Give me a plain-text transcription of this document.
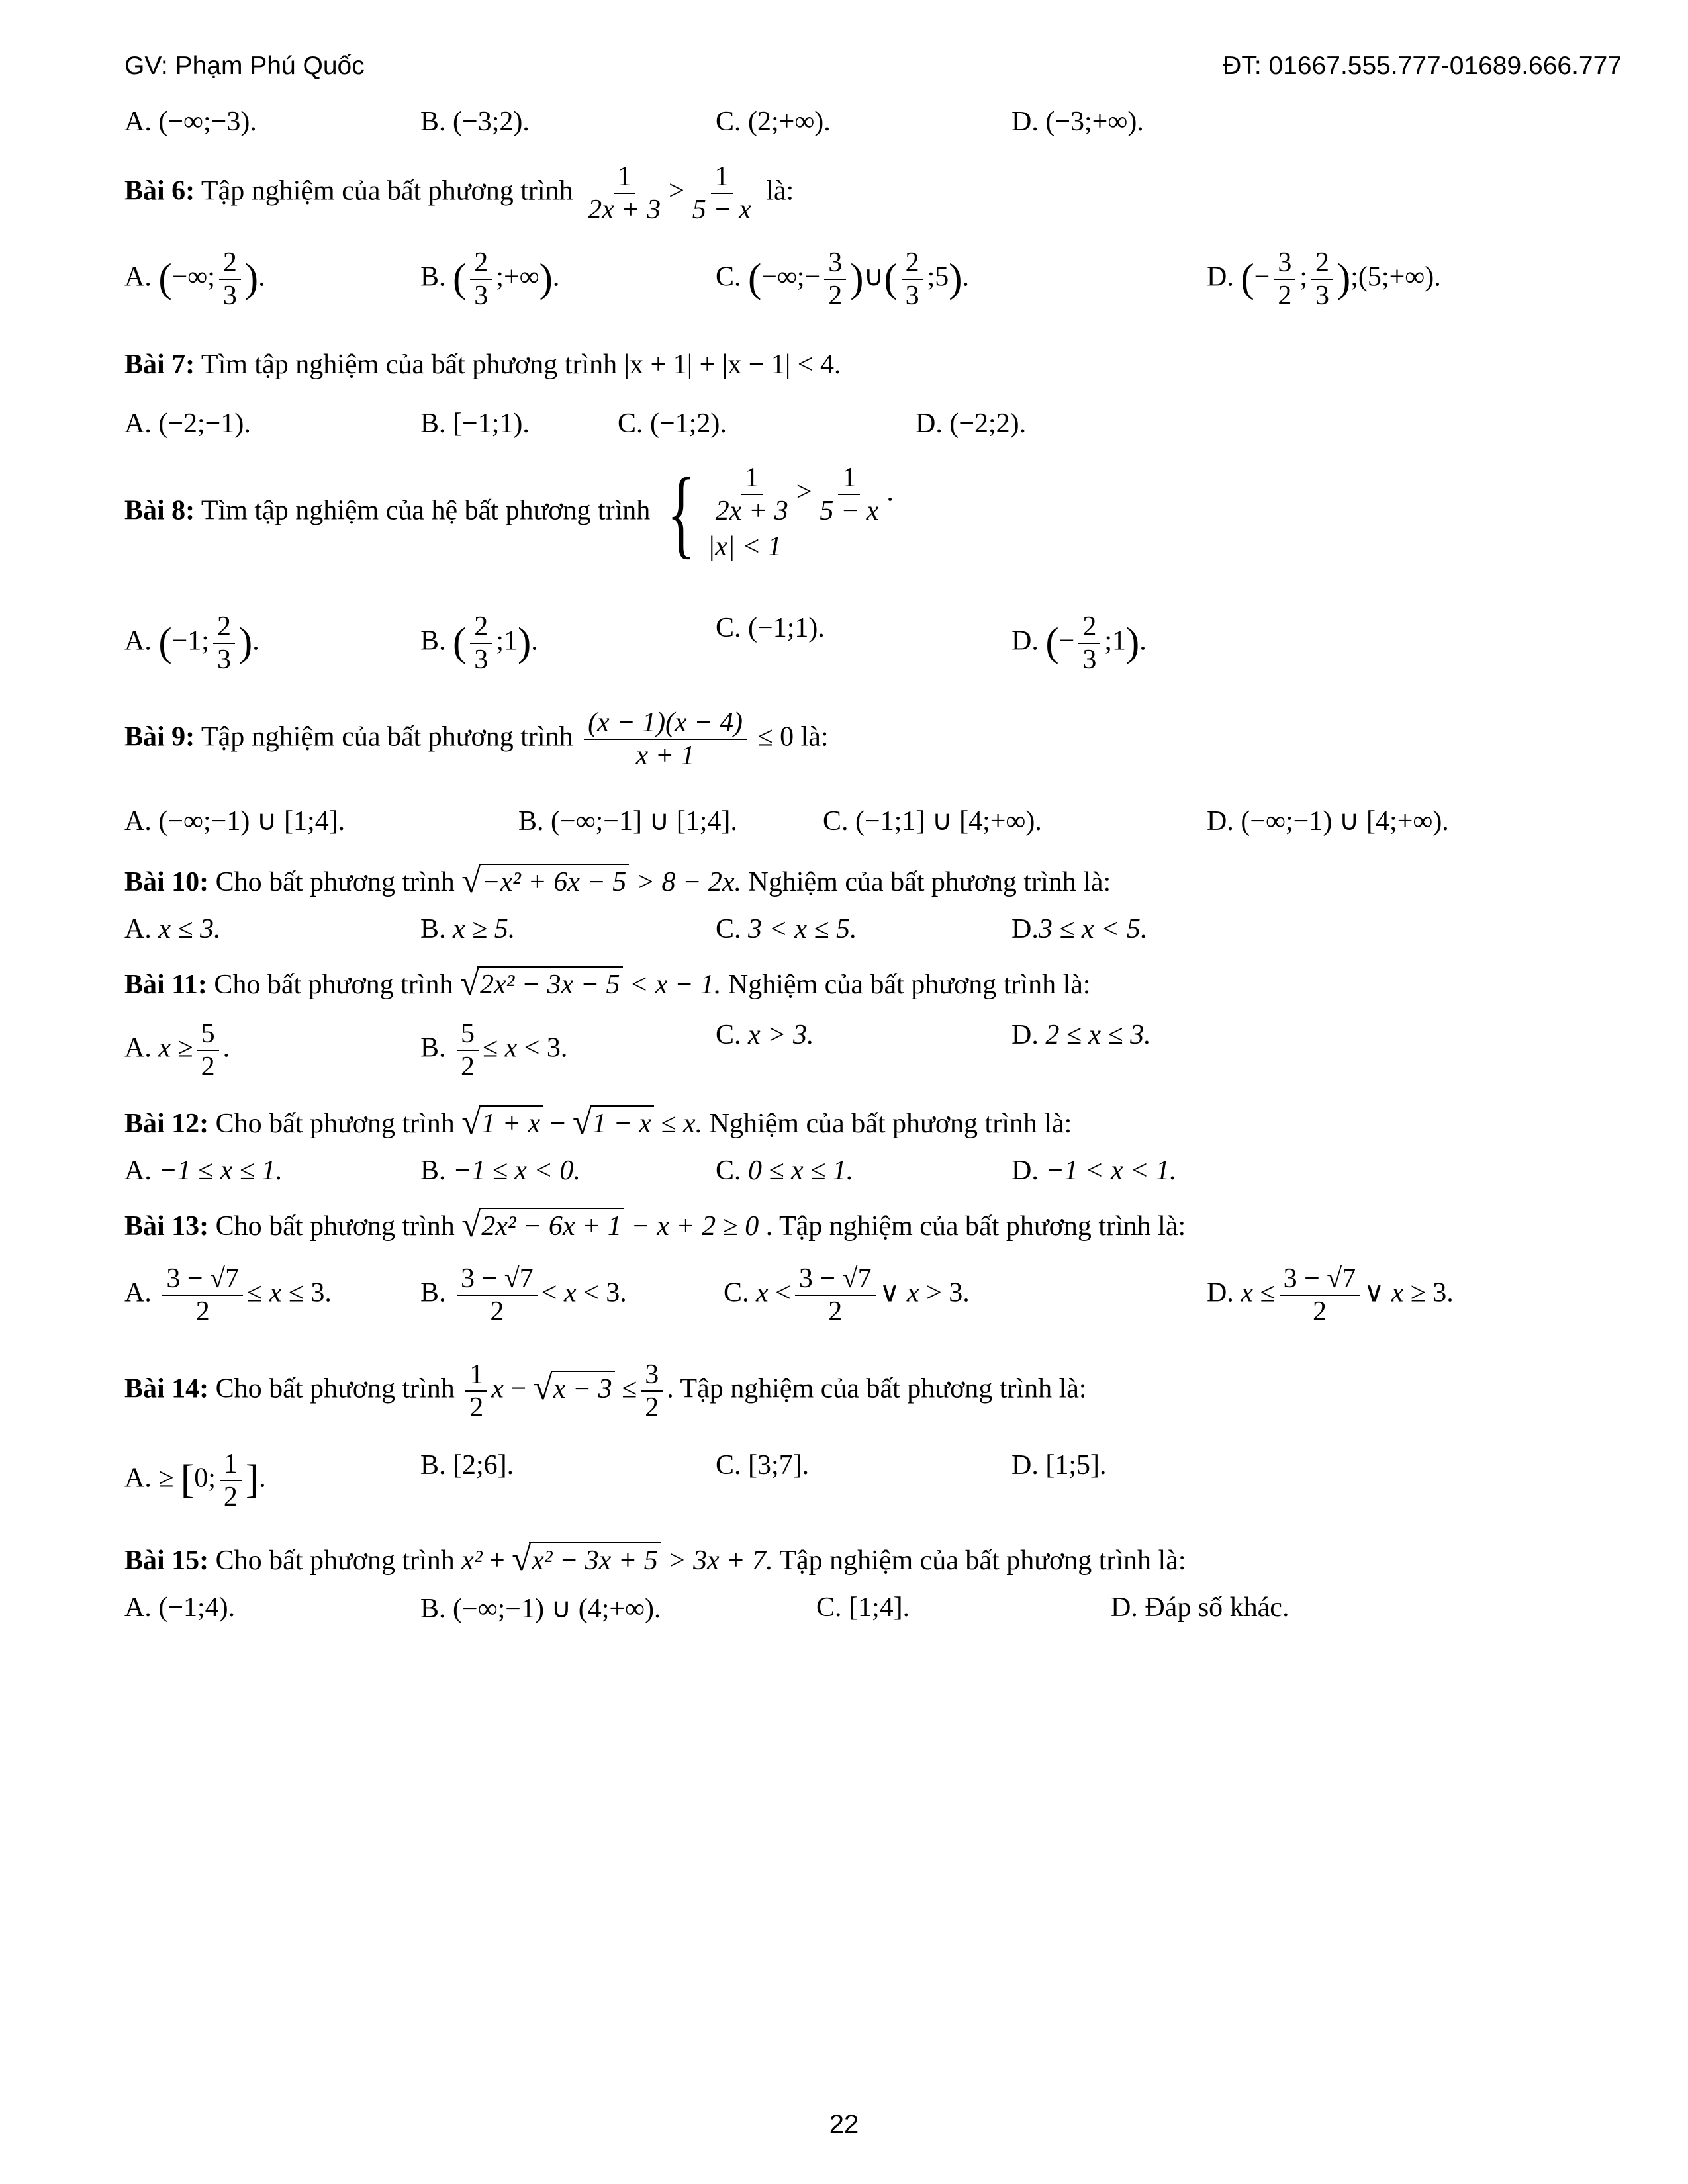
GV: Phạm Phú Quốc	ĐT: 01667.555.777-01689.666.777
A. (−∞;−3).	B. (−3;2).	C. (2;+∞).	D. (−3;+∞).
Bài 6: Tập nghiệm của bất phương trình $\frac{1}{2x + 3} > \frac{1}{5 - x}$ là:
A. (−∞; $\frac{2}{3}$ ).	B. ( $\frac{2}{3}$ ;+∞).	C. (−∞;− $\frac{3}{2}$ )∪( $\frac{2}{3}$ ;5).	D. (− $\frac{3}{2}$ ; $\frac{2}{3}$ );(5;+∞).
Bài 7: Tìm tập nghiệm của bất phương trình |x + 1| + |x − 1| < 4.
A. (−2;−1).	B. [−1;1).	C. (−1;2).	D. (−2;2).
Bài 8: Tìm tập nghiệm của hệ bất phương trình { $\frac{1}{2x + 3} > \frac{1}{5 - x}$ .
|x| < 1
A. (−1; $\frac{2}{3}$ ).	B. ( $\frac{2}{3}$ ;1).	C. (−1;1).	D. (− $\frac{2}{3}$ ;1).
Bài 9: Tập nghiệm của bất phương trình $\frac{(x - 1)(x - 4)}{x + 1} \le 0$ là:
A. (−∞;−1) ∪ [1;4].	B. (−∞;−1] ∪ [1;4].	C. (−1;1] ∪ [4;+∞).	D. (−∞;−1) ∪ [4;+∞).
Bài 10: Cho bất phương trình √ −x² + 6x − 5 > 8 − 2x. Nghiệm của bất phương trình là:
A. x ≤ 3.	B. x ≥ 5.	C. 3 < x ≤ 5.	D.3 ≤ x < 5.
Bài 11: Cho bất phương trình √ 2x² − 3x − 5 < x − 1. Nghiệm của bất phương trình là:
A. $x \ge \frac{5}{2}$ .	B. $\frac{5}{2} \le x < 3$.	C. x > 3.	D. 2 ≤ x ≤ 3.
Bài 12: Cho bất phương trình √ 1 + x − √ 1 − x ≤ x. Nghiệm của bất phương trình là:
A. −1 ≤ x ≤ 1.	B. −1 ≤ x < 0.	C. 0 ≤ x ≤ 1.	D. −1 < x < 1.
Bài 13: Cho bất phương trình √ 2x² − 6x + 1 − x + 2 ≥ 0 . Tập nghiệm của bất phương trình là:
A. $\frac{3 - √7}{2} \le x \le 3$.	B. $\frac{3 - √7}{2} < x < 3$.	C. $x < \frac{3 - √7}{2}$ ∨ x > 3.	D. $x \le \frac{3 - √7}{2}$ ∨ x ≥ 3.
Bài 14: Cho bất phương trình $\frac{1}{2}$ x − √ $x - 3 \le \frac{3}{2}$ . Tập nghiệm của bất phương trình là:
A. ≥ [0; $\frac{1}{2}$ ].	B. [2;6].	C. [3;7].	D. [1;5].
Bài 15: Cho bất phương trình x² + √ x² − 3x + 5 > 3x + 7. Tập nghiệm của bất phương trình là:
A. (−1;4).	B. (−∞;−1) ∪ (4;+∞).	C. [1;4].	D. Đáp số khác.
22
